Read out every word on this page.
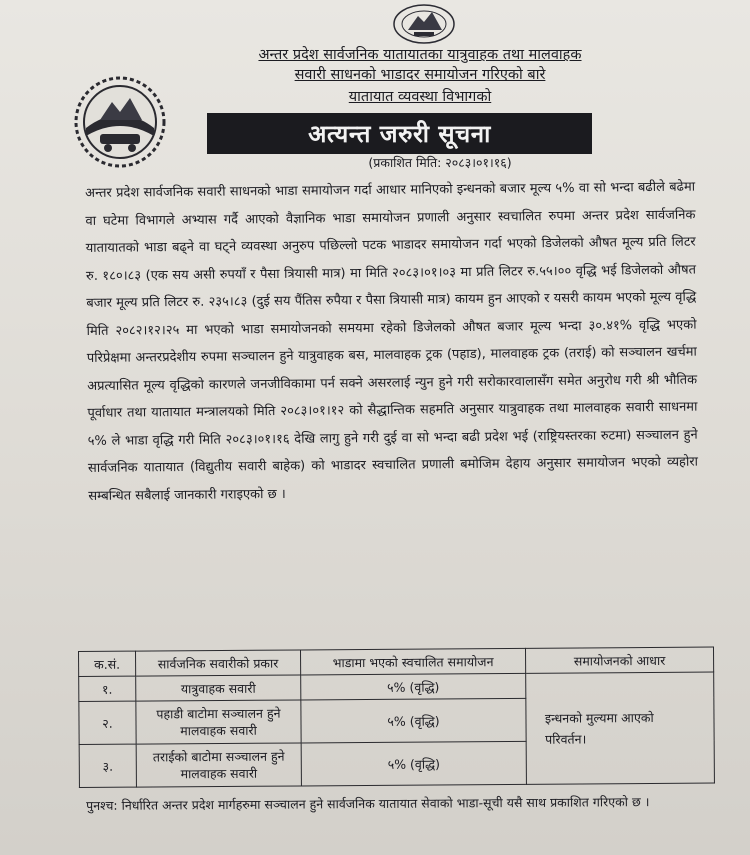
अन्तर प्रदेश सार्वजनिक यातायातका यात्रुवाहक तथा मालवाहक
सवारी साधनको भाडादर समायोजन गरिएको बारे
यातायात व्यवस्था विभागको
अत्यन्त जरुरी सूचना
(प्रकाशित मिति: २०८३।०१।१६)
अन्तर प्रदेश सार्वजनिक सवारी साधनको भाडा समायोजन गर्दा आधार मानिएको इन्धनको बजार मूल्य ५% वा सो भन्दा बढीले बढेमा वा घटेमा विभागले अभ्यास गर्दै आएको वैज्ञानिक भाडा समायोजन प्रणाली अनुसार स्वचालित रुपमा अन्तर प्रदेश सार्वजनिक यातायातको भाडा बढ्ने वा घट्ने व्यवस्था अनुरुप पछिल्लो पटक भाडादर समायोजन गर्दा भएको डिजेलको औषत मूल्य प्रति लिटर रु. १८०।८३ (एक सय असी रुपयाँ र पैसा त्रियासी मात्र) मा मिति २०८३।०१।०३ मा प्रति लिटर रु.५५।०० वृद्धि भई डिजेलको औषत बजार मूल्य प्रति लिटर रु. २३५।८३ (दुई सय पैंतिस रुपैया र पैसा त्रियासी मात्र) कायम हुन आएको र यसरी कायम भएको मूल्य वृद्धि मिति २०८२।१२।२५ मा भएको भाडा समायोजनको समयमा रहेको डिजेलको औषत बजार मूल्य भन्दा ३०.४१% वृद्धि भएको परिप्रेक्षमा अन्तरप्रदेशीय रुपमा सञ्चालन हुने यात्रुवाहक बस, मालवाहक ट्रक (पहाड), मालवाहक ट्रक (तराई) को सञ्चालन खर्चमा अप्रत्यासित मूल्य वृद्धिको कारणले जनजीविकामा पर्न सक्ने असरलाई न्युन हुने गरी सरोकारवालासँग समेत अनुरोध गरी श्री भौतिक पूर्वाधार तथा यातायात मन्त्रालयको मिति २०८३।०१।१२ को सैद्धान्तिक सहमति अनुसार यात्रुवाहक तथा मालवाहक सवारी साधनमा ५% ले भाडा वृद्धि गरी मिति २०८३।०१।१६ देखि लागु हुने गरी दुई वा सो भन्दा बढी प्रदेश भई (राष्ट्रियस्तरका रुटमा) सञ्चालन हुने सार्वजनिक यातायात (विद्युतीय सवारी बाहेक) को भाडादर स्वचालित प्रणाली बमोजिम देहाय अनुसार समायोजन भएको व्यहोरा सम्बन्धित सबैलाई जानकारी गराइएको छ ।
क.सं.	सार्वजनिक सवारीको प्रकार	भाडामा भएको स्वचालित समायोजन	समायोजनको आधार
१.	यात्रुवाहक सवारी	५% (वृद्धि)	इन्धनको मुल्यमा आएको परिवर्तन।

२.	पहाडी बाटोमा सञ्चालन हुने मालवाहक सवारी	५% (वृद्धि)	
३.	तराईको बाटोमा सञ्चालन हुने मालवाहक सवारी	५% (वृद्धि)	
पुनश्च: निर्धारित अन्तर प्रदेश मार्गहरुमा सञ्चालन हुने सार्वजनिक यातायात सेवाको भाडा-सूची यसै साथ प्रकाशित गरिएको छ ।
